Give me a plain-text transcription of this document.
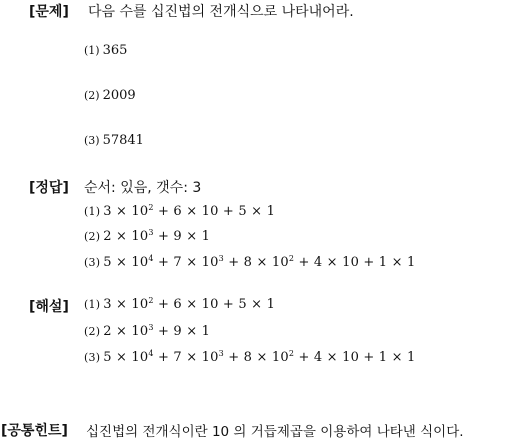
[문제] 다음 수를 십진법의 전개식으로 나타내어라.
(1) 365
(2) 2009
(3) 57841
[정답] 순서: 있음, 갯수: 3
(1) $3 \times 10^2 + 6 \times 10 + 5 \times 1$
(2) $2 \times 10^3 + 9 \times 1$
(3) $5 \times 10^4 + 7 \times 10^3 + 8 \times 10^2 + 4 \times 10 + 1 \times 1$
[해설] (1) $3 \times 10^2 + 6 \times 10 + 5 \times 1$
(2) $2 \times 10^3 + 9 \times 1$
(3) $5 \times 10^4 + 7 \times 10^3 + 8 \times 10^2 + 4 \times 10 + 1 \times 1$
[공통힌트] 십진법의 전개식이란 10 의 거듭제곱을 이용하여 나타낸 식이다.
